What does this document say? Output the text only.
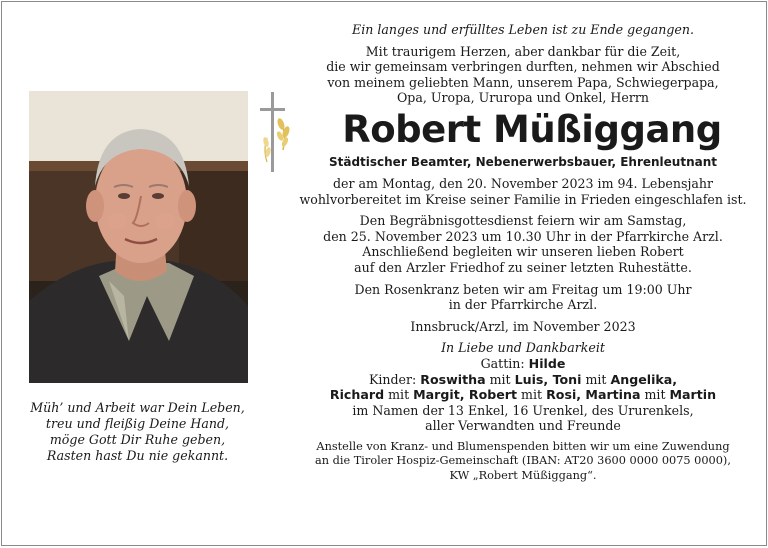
Müh’ und Arbeit war Dein Leben,
treu und fleißig Deine Hand,
möge Gott Dir Ruhe geben,
Rasten hast Du nie gekannt.
Ein langes und erfülltes Leben ist zu Ende gegangen.
Mit traurigem Herzen, aber dankbar für die Zeit,
die wir gemeinsam verbringen durften, nehmen wir Abschied
von meinem geliebten Mann, unserem Papa, Schwiegerpapa,
Opa, Uropa, Ururopa und Onkel, Herrn
Robert Müßiggang
Städtischer Beamter, Nebenerwerbsbauer, Ehrenleutnant
der am Montag, den 20. November 2023 im 94. Lebensjahr
wohlvorbereitet im Kreise seiner Familie in Frieden eingeschlafen ist.
Den Begräbnisgottesdienst feiern wir am Samstag,
den 25. November 2023 um 10.30 Uhr in der Pfarrkirche Arzl.
Anschließend begleiten wir unseren lieben Robert
auf den Arzler Friedhof zu seiner letzten Ruhestätte.
Den Rosenkranz beten wir am Freitag um 19:00 Uhr
in der Pfarrkirche Arzl.
Innsbruck/Arzl, im November 2023
In Liebe und Dankbarkeit
Gattin: Hilde
Kinder: Roswitha mit Luis, Toni mit Angelika,
Richard mit Margit, Robert mit Rosi, Martina mit Martin
im Namen der 13 Enkel, 16 Urenkel, des Ururenkels,
aller Verwandten und Freunde
Anstelle von Kranz- und Blumenspenden bitten wir um eine Zuwendung
an die Tiroler Hospiz-Gemeinschaft (IBAN: AT20 3600 0000 0075 0000),
KW „Robert Müßiggang“.
